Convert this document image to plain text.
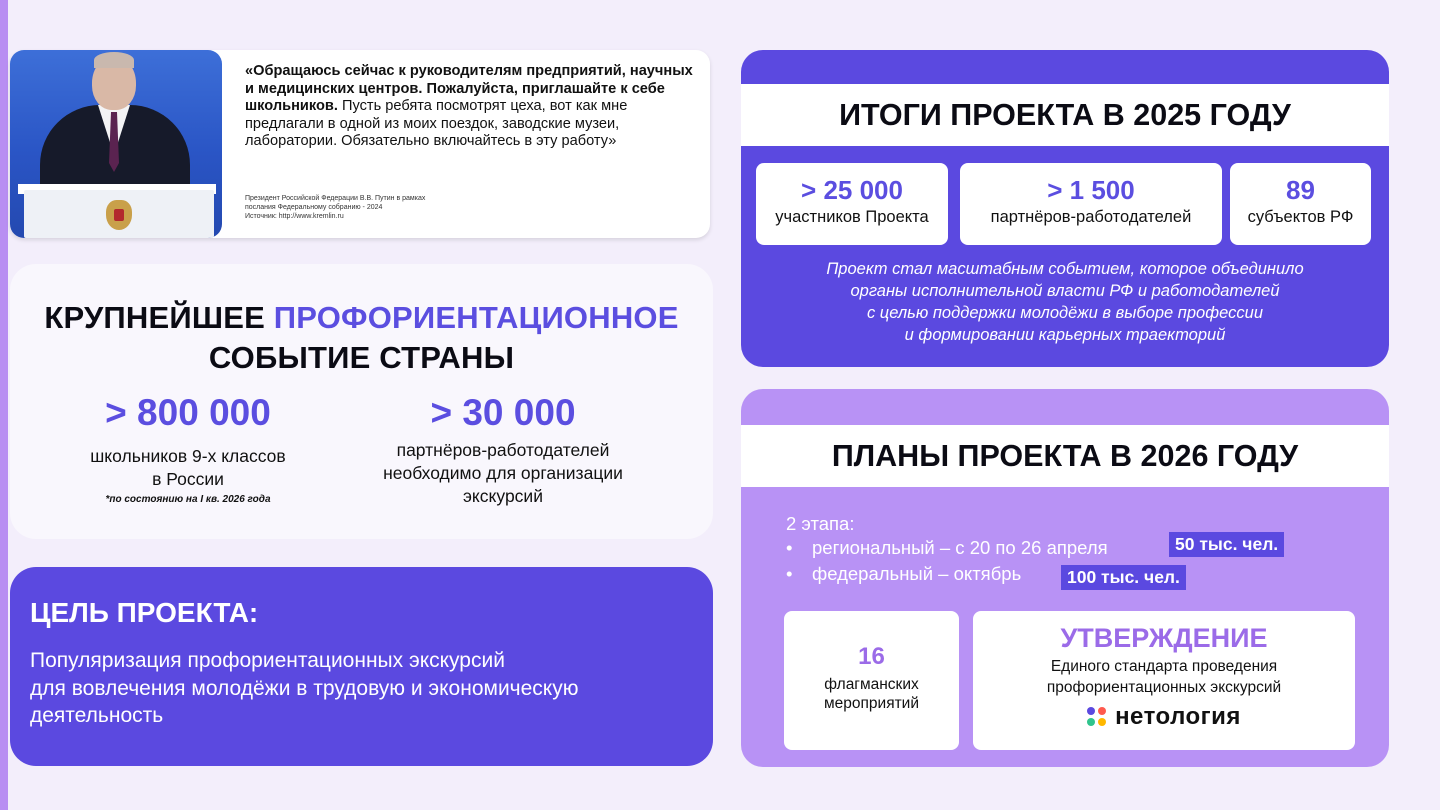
«Обращаюсь сейчас к руководителям предприятий, научных и медицинских центров. Пожалуйста, приглашайте к себе школьников. Пусть ребята посмотрят цеха, вот как мне предлагали в одной из моих поездок, заводские музеи, лаборатории. Обязательно включайтесь в эту работу»
Президент Российской Федерации В.В. Путин в рамках
послания Федеральному собранию - 2024
Источник: http://www.kremlin.ru
КРУПНЕЙШЕЕ ПРОФОРИЕНТАЦИОННОЕ
СОБЫТИЕ СТРАНЫ
> 800 000
школьников 9-х классов
в России
*по состоянию на I кв. 2026 года
> 30 000
партнёров-работодателей
необходимо для организации
экскурсий
ЦЕЛЬ ПРОЕКТА:
Популяризация профориентационных экскурсий
для вовлечения молодёжи в трудовую и экономическую
деятельность
ИТОГИ ПРОЕКТА В 2025 ГОДУ
> 25 000
участников Проекта
> 1 500
партнёров-работодателей
89
субъектов РФ
Проект стал масштабным событием, которое объединило
органы исполнительной власти РФ и работодателей
с целью поддержки молодёжи в выборе профессии
и формировании карьерных траекторий
ПЛАНЫ ПРОЕКТА В 2026 ГОДУ
2 этапа:
• региональный – с 20 по 26 апреля	50 тыс. чел.
• федеральный – октябрь	100 тыс. чел.
16
флагманских
мероприятий
УТВЕРЖДЕНИЕ
Единого стандарта проведения
профориентационных экскурсий
нетология
